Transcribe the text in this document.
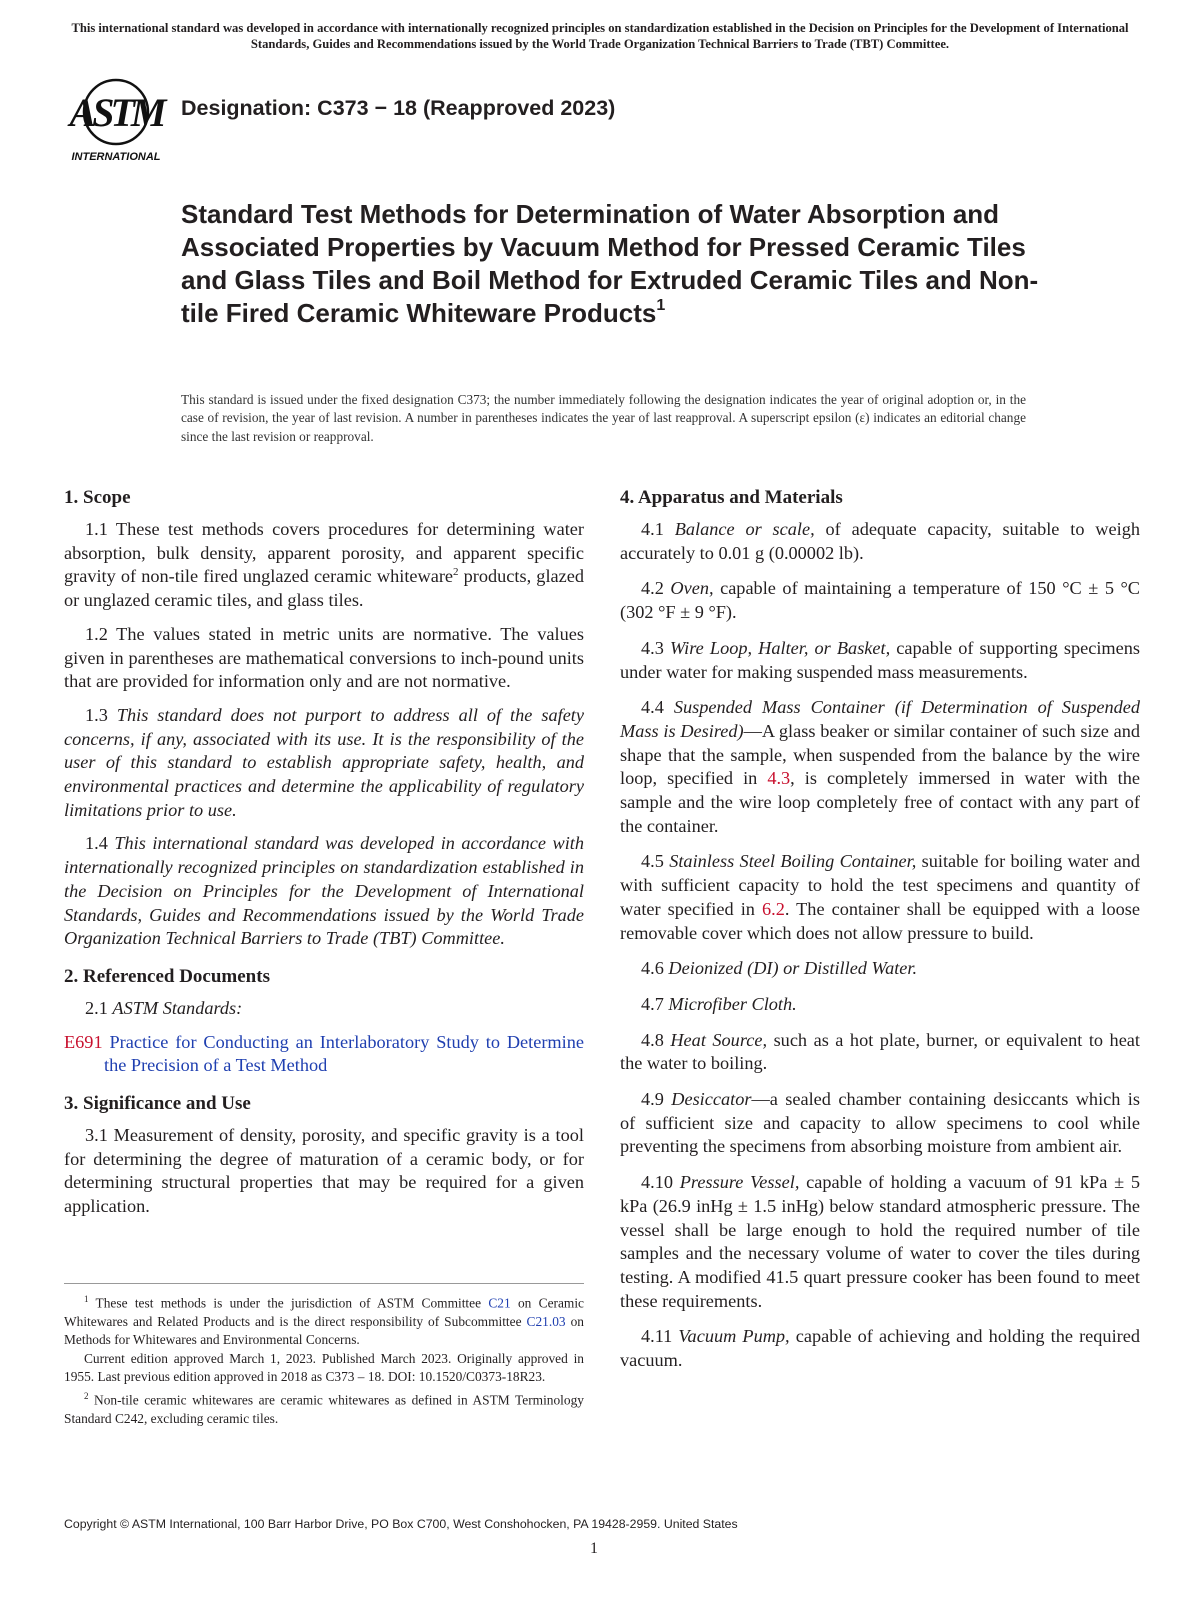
This international standard was developed in accordance with internationally recognized principles on standardization established in the Decision on Principles for the Development of International Standards, Guides and Recommendations issued by the World Trade Organization Technical Barriers to Trade (TBT) Committee.
ASTM
INTERNATIONAL
Designation: C373 − 18 (Reapproved 2023)
Standard Test Methods for Determination of Water Absorption and Associated Properties by Vacuum Method for Pressed Ceramic Tiles and Glass Tiles and Boil Method for Extruded Ceramic Tiles and Non-tile Fired Ceramic Whiteware Products$^1$
This standard is issued under the fixed designation C373; the number immediately following the designation indicates the year of original adoption or, in the case of revision, the year of last revision. A number in parentheses indicates the year of last reapproval. A superscript epsilon (ε) indicates an editorial change since the last revision or reapproval.
1. Scope

1.1 These test methods covers procedures for determining water absorption, bulk density, apparent porosity, and apparent specific gravity of non-tile fired unglazed ceramic whiteware$^2$ products, glazed or unglazed ceramic tiles, and glass tiles.

1.2 The values stated in metric units are normative. The values given in parentheses are mathematical conversions to inch-pound units that are provided for information only and are not normative.

1.3 This standard does not purport to address all of the safety concerns, if any, associated with its use. It is the responsibility of the user of this standard to establish appropriate safety, health, and environmental practices and determine the applicability of regulatory limitations prior to use.

1.4 This international standard was developed in accordance with internationally recognized principles on standardization established in the Decision on Principles for the Development of International Standards, Guides and Recommendations issued by the World Trade Organization Technical Barriers to Trade (TBT) Committee.

2. Referenced Documents

2.1 ASTM Standards:

E691 Practice for Conducting an Interlaboratory Study to Determine the Precision of a Test Method
3. Significance and Use

3.1 Measurement of density, porosity, and specific gravity is a tool for determining the degree of maturation of a ceramic body, or for determining structural properties that may be required for a given application.

$^1$ These test methods is under the jurisdiction of ASTM Committee C21 on Ceramic Whitewares and Related Products and is the direct responsibility of Subcommittee C21.03 on Methods for Whitewares and Environmental Concerns.

Current edition approved March 1, 2023. Published March 2023. Originally approved in 1955. Last previous edition approved in 2018 as C373 – 18. DOI: 10.1520/C0373-18R23.

$^2$ Non-tile ceramic whitewares are ceramic whitewares as defined in ASTM Terminology Standard C242, excluding ceramic tiles.

4. Apparatus and Materials

4.1 Balance or scale, of adequate capacity, suitable to weigh accurately to 0.01 g (0.00002 lb).

4.2 Oven, capable of maintaining a temperature of 150 °C ± 5 °C (302 °F ± 9 °F).

4.3 Wire Loop, Halter, or Basket, capable of supporting specimens under water for making suspended mass measurements.

4.4 Suspended Mass Container (if Determination of Suspended Mass is Desired)—A glass beaker or similar container of such size and shape that the sample, when suspended from the balance by the wire loop, specified in 4.3, is completely immersed in water with the sample and the wire loop completely free of contact with any part of the container.

4.5 Stainless Steel Boiling Container, suitable for boiling water and with sufficient capacity to hold the test specimens and quantity of water specified in 6.2. The container shall be equipped with a loose removable cover which does not allow pressure to build.

4.6 Deionized (DI) or Distilled Water.

4.7 Microfiber Cloth.

4.8 Heat Source, such as a hot plate, burner, or equivalent to heat the water to boiling.

4.9 Desiccator—a sealed chamber containing desiccants which is of sufficient size and capacity to allow specimens to cool while preventing the specimens from absorbing moisture from ambient air.

4.10 Pressure Vessel, capable of holding a vacuum of 91 kPa ± 5 kPa (26.9 inHg ± 1.5 inHg) below standard atmospheric pressure. The vessel shall be large enough to hold the required number of tile samples and the necessary volume of water to cover the tiles during testing. A modified 41.5 quart pressure cooker has been found to meet these requirements.

4.11 Vacuum Pump, capable of achieving and holding the required vacuum.

Copyright © ASTM International, 100 Barr Harbor Drive, PO Box C700, West Conshohocken, PA 19428-2959. United States
1
